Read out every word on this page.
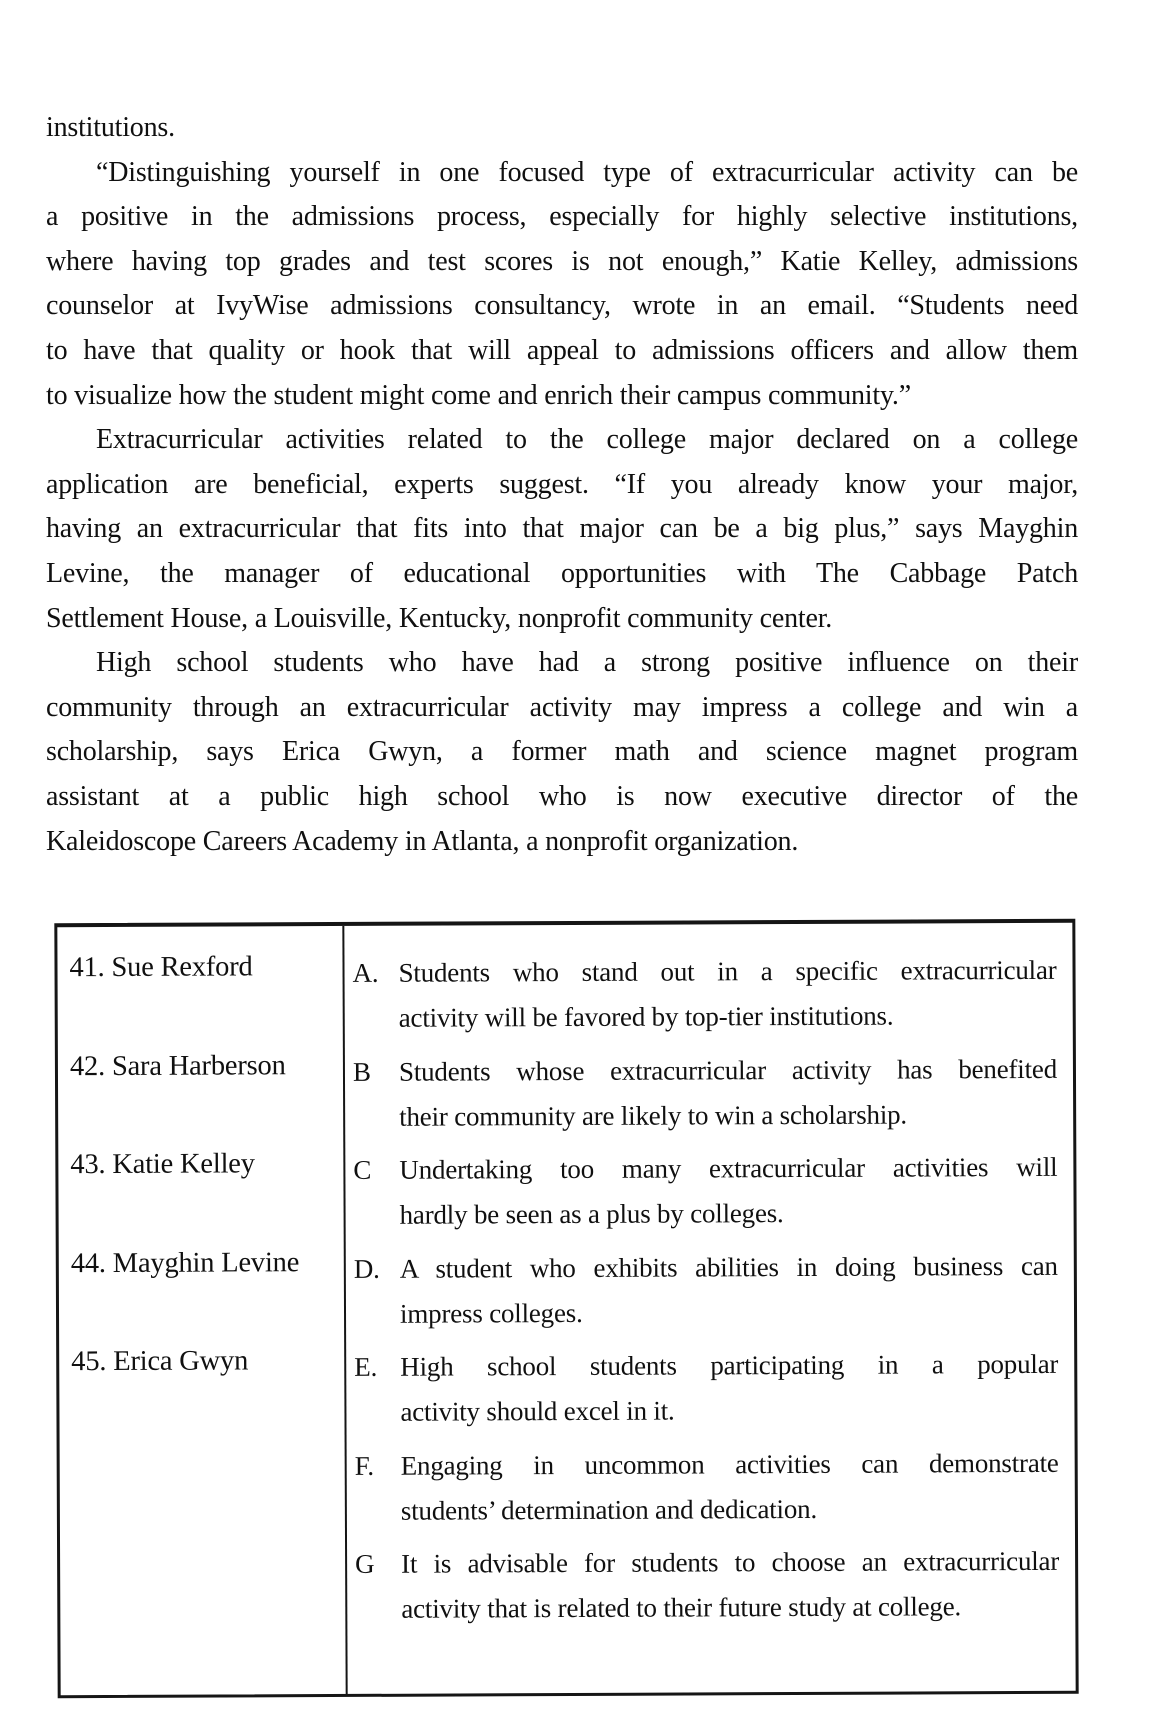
institutions.
“Distinguishing yourself in one focused type of extracurricular activity can be
a positive in the admissions process, especially for highly selective institutions,
where having top grades and test scores is not enough,” Katie Kelley, admissions
counselor at IvyWise admissions consultancy, wrote in an email. “Students need
to have that quality or hook that will appeal to admissions officers and allow them
to visualize how the student might come and enrich their campus community.”
Extracurricular activities related to the college major declared on a college
application are beneficial, experts suggest. “If you already know your major,
having an extracurricular that fits into that major can be a big plus,” says Mayghin
Levine, the manager of educational opportunities with The Cabbage Patch
Settlement House, a Louisville, Kentucky, nonprofit community center.
High school students who have had a strong positive influence on their
community through an extracurricular activity may impress a college and win a
scholarship, says Erica Gwyn, a former math and science magnet program
assistant at a public high school who is now executive director of the
Kaleidoscope Careers Academy in Atlanta, a nonprofit organization.
41. Sue Rexford
42. Sara Harberson
43. Katie Kelley
44. Mayghin Levine
45. Erica Gwyn
A. Students who stand out in a specific extracurricular
activity will be favored by top-tier institutions.
B	Students whose extracurricular activity has benefited
their community are likely to win a scholarship.
C	Undertaking too many extracurricular activities will
hardly be seen as a plus by colleges.
D. A student who exhibits abilities in doing business can
impress colleges.
E. High school students participating in a popular
activity should excel in it.
F. Engaging in uncommon activities can demonstrate
students’ determination and dedication.
G It is advisable for students to choose an extracurricular
activity that is related to their future study at college.
